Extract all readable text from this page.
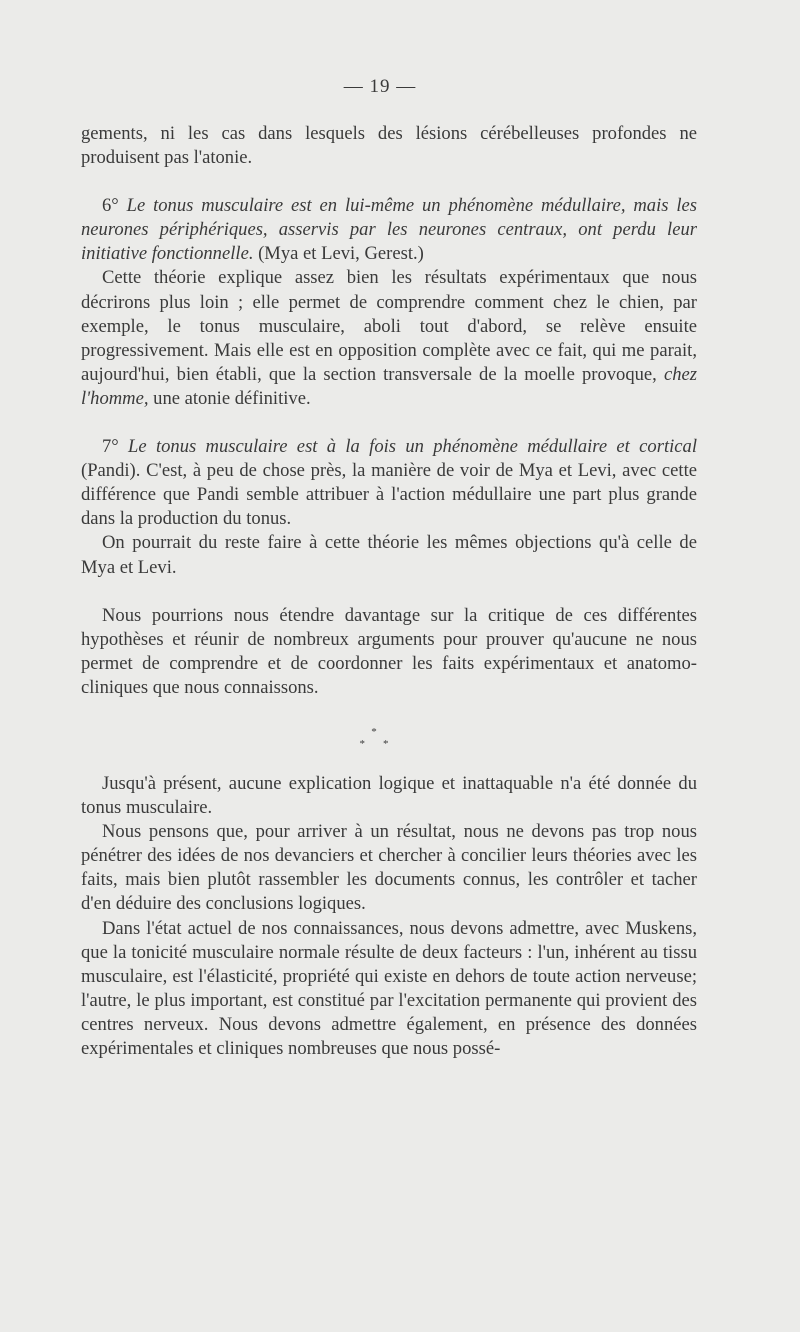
— 19 —

gements, ni les cas dans lesquels des lésions cérébelleuses profondes ne produisent pas l'atonie.

6° Le tonus musculaire est en lui-même un phénomène médullaire, mais les neurones périphériques, asservis par les neurones centraux, ont perdu leur initiative fonctionnelle. (Mya et Levi, Gerest.)

Cette théorie explique assez bien les résultats expérimentaux que nous décrirons plus loin ; elle permet de comprendre comment chez le chien, par exemple, le tonus musculaire, aboli tout d'abord, se relève ensuite progressivement. Mais elle est en opposition complète avec ce fait, qui me parait, aujourd'hui, bien établi, que la section transversale de la moelle provoque, chez l'homme, une atonie définitive.

7° Le tonus musculaire est à la fois un phénomène médullaire et cortical (Pandi). C'est, à peu de chose près, la manière de voir de Mya et Levi, avec cette différence que Pandi semble attribuer à l'action médullaire une part plus grande dans la production du tonus.

On pourrait du reste faire à cette théorie les mêmes objections qu'à celle de Mya et Levi.

Nous pourrions nous étendre davantage sur la critique de ces différentes hypothèses et réunir de nombreux arguments pour prouver qu'aucune ne nous permet de comprendre et de coordonner les faits expérimentaux et anatomo-cliniques que nous connaissons.

*
**

Jusqu'à présent, aucune explication logique et inattaquable n'a été donnée du tonus musculaire.

Nous pensons que, pour arriver à un résultat, nous ne devons pas trop nous pénétrer des idées de nos devanciers et chercher à concilier leurs théories avec les faits, mais bien plutôt rassembler les documents connus, les contrôler et tacher d'en déduire des conclusions logiques.

Dans l'état actuel de nos connaissances, nous devons admettre, avec Muskens, que la tonicité musculaire normale résulte de deux facteurs : l'un, inhérent au tissu musculaire, est l'élasticité, propriété qui existe en dehors de toute action nerveuse; l'autre, le plus important, est constitué par l'excitation permanente qui provient des centres nerveux. Nous devons admettre également, en présence des données expérimentales et cliniques nombreuses que nous possé-
